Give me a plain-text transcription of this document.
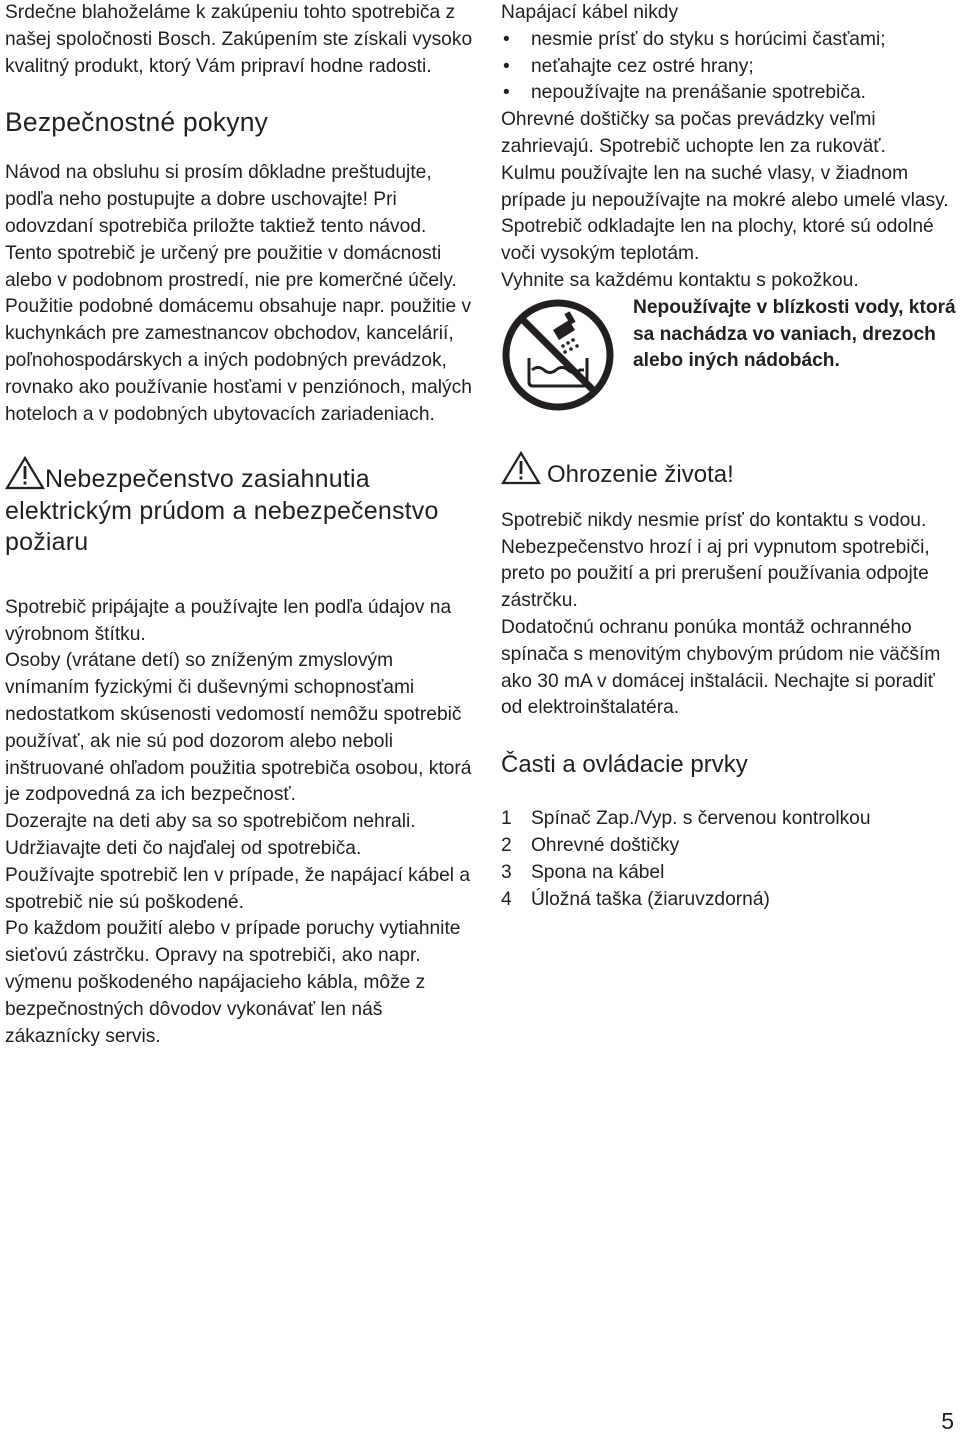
Srdečne blahoželáme k zakúpeniu tohto spotrebiča z našej spoločnosti Bosch. Zakúpením ste získali vysoko kvalitný produkt, ktorý Vám pripraví hodne radosti.

Bezpečnostné pokyny

Návod na obsluhu si prosím dôkladne preštudujte, podľa neho postupujte a dobre uschovajte! Pri odovzdaní spotrebiča priložte taktiež tento návod.

Tento spotrebič je určený pre použitie v domácnosti alebo v podobnom prostredí, nie pre komerčné účely. Použitie podobné domácemu obsahuje napr. použitie v kuchynkách pre zamestnancov obchodov, kancelárií, poľnohospodárskych a iných podobných prevádzok, rovnako ako používanie hosťami v penziónoch, malých hoteloch a v podobných ubytovacích zariadeniach.

Nebezpečenstvo zasiahnutia elektrickým prúdom a nebezpečenstvo požiaru

Spotrebič pripájajte a používajte len podľa údajov na výrobnom štítku.

Osoby (vrátane detí) so zníženým zmyslovým vnímaním fyzickými či duševnými schopnosťami nedostatkom skúsenosti vedomostí nemôžu spotrebič používať, ak nie sú pod dozorom alebo neboli inštruované ohľadom použitia spotrebiča osobou, ktorá je zodpovedná za ich bezpečnosť.

Dozerajte na deti aby sa so spotrebičom nehrali.

Udržiavajte deti čo najďalej od spotrebiča.

Používajte spotrebič len v prípade, že napájací kábel a spotrebič nie sú poškodené.

Po každom použití alebo v prípade poruchy vytiahnite sieťovú zástrčku. Opravy na spotrebiči, ako napr. výmenu poškodeného napájacieho kábla, môže z bezpečnostných dôvodov vykonávať len náš zákaznícky servis.

Napájací kábel nikdy

• nesmie prísť do styku s horúcimi časťami;
• neťahajte cez ostré hrany;
• nepoužívajte na prenášanie spotrebiča.

Ohrevné doštičky sa počas prevádzky veľmi zahrievajú. Spotrebič uchopte len za rukoväť.

Kulmu používajte len na suché vlasy, v žiadnom prípade ju nepoužívajte na mokré alebo umelé vlasy.

Spotrebič odkladajte len na plochy, ktoré sú odolné voči vysokým teplotám.

Vyhnite sa každému kontaktu s pokožkou.

Nepoužívajte v blízkosti vody, ktorá sa nachádza vo vaniach, drezoch alebo iných nádobách.

Ohrozenie života!

Spotrebič nikdy nesmie prísť do kontaktu s vodou. Nebezpečenstvo hrozí i aj pri vypnutom spotrebiči, preto po použití a pri prerušení používania odpojte zástrčku.

Dodatočnú ochranu ponúka montáž ochranného spínača s menovitým chybovým prúdom nie väčším ako 30 mA v domácej inštalácii. Nechajte si poradiť od elektroinštalatéra.

Časti a ovládacie prvky
1 Spínač Zap./Vyp. s červenou kontrolkou
2 Ohrevné doštičky
3 Spona na kábel
4 Úložná taška (žiaruvzdorná)
5
